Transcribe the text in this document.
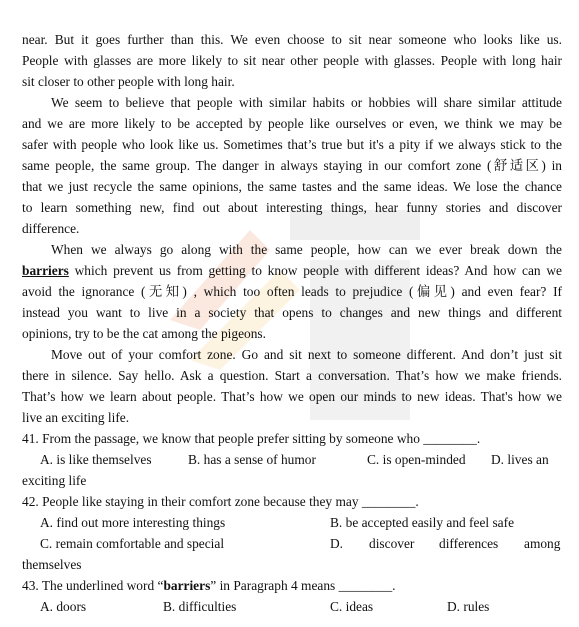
near. But it goes further than this. We even choose to sit near someone who looks like us.
People with glasses are more likely to sit near other people with glasses. People with long hair
sit closer to other people with long hair.
We seem to believe that people with similar habits or hobbies will share similar attitude
and we are more likely to be accepted by people like ourselves or even, we think we may be
safer with people who look like us. Sometimes that’s true but it's a pity if we always stick to the
same people, the same group. The danger in always staying in our comfort zone (舒适区) in
that we just recycle the same opinions, the same tastes and the same ideas. We lose the chance
to learn something new, find out about interesting things, hear funny stories and discover
difference.
When we always go along with the same people, how can we ever break down the
barriers which prevent us from getting to know people with different ideas? And how can we
avoid the ignorance (无知) , which too often leads to prejudice (偏见) and even fear? If
instead you want to live in a society that opens to changes and new things and different
opinions, try to be the cat among the pigeons.
Move out of your comfort zone. Go and sit next to someone different. And don’t just sit
there in silence. Say hello. Ask a question. Start a conversation. That’s how we make friends.
That’s how we learn about people. That’s how we open our minds to new ideas. That's how we
live an exciting life.
41. From the passage, we know that people prefer sitting by someone who ________.
A. is like themselves	B. has a sense of humor	C. is open-minded D. lives an
exciting life
42. People like staying in their comfort zone because they may ________.
A. find out more interesting things	B. be accepted easily and feel safe
C. remain comfortable and special	D. discover differences among
themselves
43. The underlined word “barriers” in Paragraph 4 means ________.
A. doors	B. difficulties	C. ideas	D. rules
